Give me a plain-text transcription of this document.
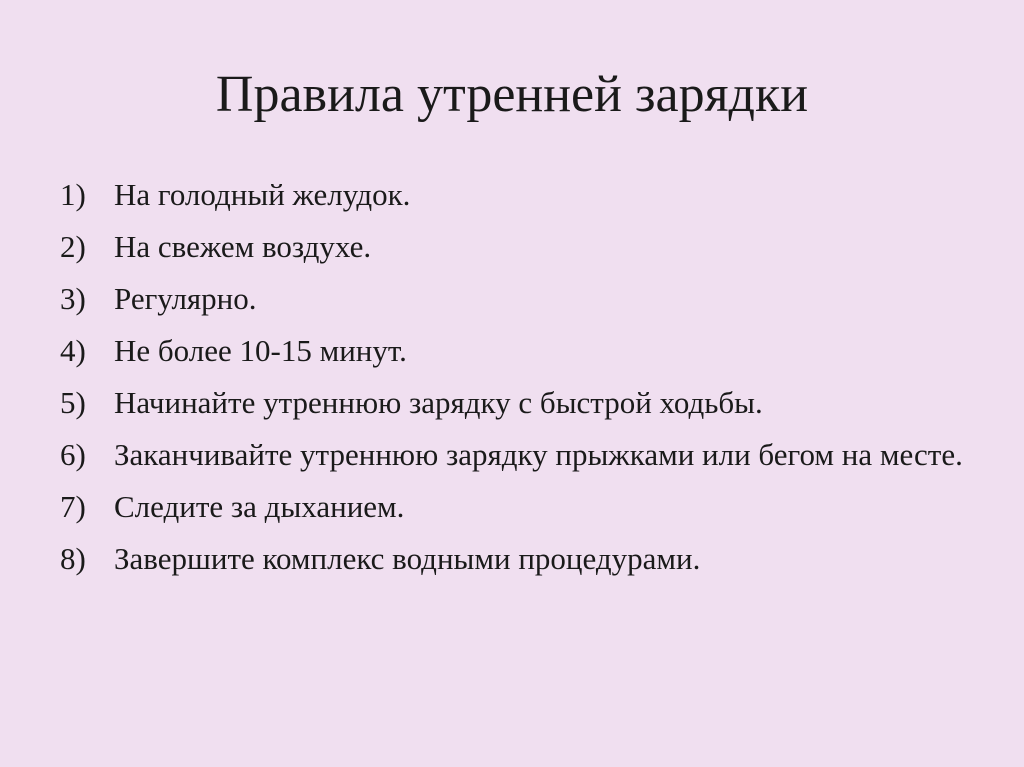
Правила утренней зарядки
1) На голодный желудок.
2) На свежем воздухе.
3) Регулярно.
4) Не более 10-15 минут.
5) Начинайте утреннюю зарядку с быстрой ходьбы.
6) Заканчивайте утреннюю зарядку прыжками или бегом на месте.
7) Следите за дыханием.
8) Завершите комплекс водными процедурами.
